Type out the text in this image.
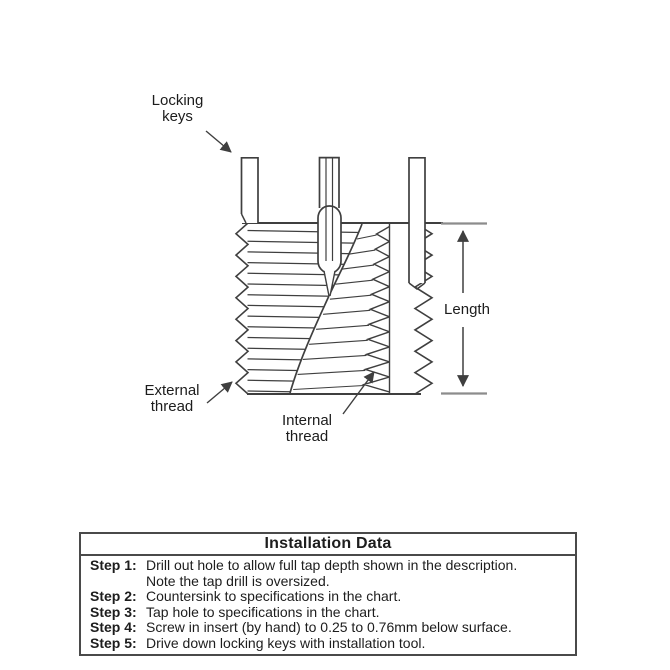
Locking
keys
External
thread
Internal
thread
Length
Installation Data
Step 1: Drill out hole to allow full tap depth shown in the description.
Note the tap drill is oversized.
Step 2: Countersink to specifications in the chart.
Step 3: Tap hole to specifications in the chart.
Step 4: Screw in insert (by hand) to 0.25 to 0.76mm below surface.
Step 5: Drive down locking keys with installation tool.
